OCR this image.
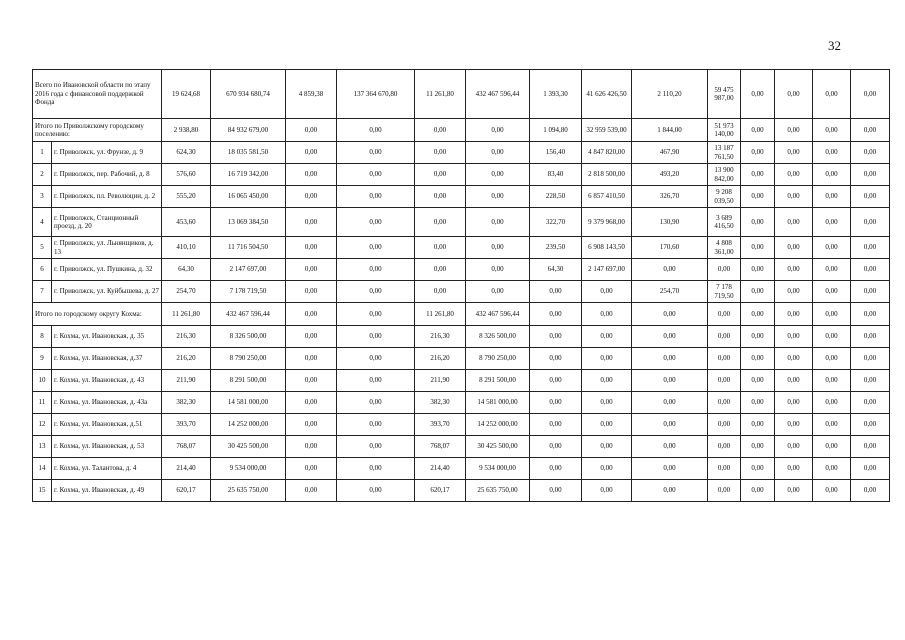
32
Всего по Ивановской области по этапу 2016 года с финансовой поддержкой Фонда		19 624,68	670 934 680,74	4 859,38	137 364 670,80	11 261,80	432 467 596,44	1 393,30	41 626 426,50	2 110,20	59 475 987,00	0,00	0,00	0,00	0,00
Итого по Приволжскому городскому поселению:		2 938,80	84 932 679,00	0,00	0,00	0,00	0,00	1 094,80	32 959 539,00	1 844,00	51 973 140,00	0,00	0,00	0,00	0,00
1	г. Приволжск, ул. Фрунзе, д. 9	624,30	18 035 581,50	0,00	0,00	0,00	0,00	156,40	4 847 820,00	467,90	13 187 761,50	0,00	0,00	0,00	0,00
2	г. Приволжск, пер. Рабочий, д. 8	576,60	16 719 342,00	0,00	0,00	0,00	0,00	83,40	2 818 500,00	493,20	13 900 842,00	0,00	0,00	0,00	0,00
3	г. Приволжск, пл. Революции, д. 2	555,20	16 065 450,00	0,00	0,00	0,00	0,00	228,50	6 857 410,50	326,70	9 208 039,50	0,00	0,00	0,00	0,00
4	г. Приволжск, Станционный проезд, д. 20	453,60	13 069 384,50	0,00	0,00	0,00	0,00	322,70	9 379 968,00	130,90	3 689 416,50	0,00	0,00	0,00	0,00
5	г. Приволжск, ул. Льнянщиков, д. 13	410,10	11 716 504,50	0,00	0,00	0,00	0,00	239,50	6 908 143,50	170,60	4 808 361,00	0,00	0,00	0,00	0,00
6	г. Приволжск, ул. Пушкина, д. 32	64,30	2 147 697,00	0,00	0,00	0,00	0,00	64,30	2 147 697,00	0,00	0,00	0,00	0,00	0,00	0,00
7	г. Приволжск, ул. Куйбышева, д. 27	254,70	7 178 719,50	0,00	0,00	0,00	0,00	0,00	0,00	254,70	7 178 719,50	0,00	0,00	0,00	0,00
Итого по городскому округу Кохма:		11 261,80	432 467 596,44	0,00	0,00	11 261,80	432 467 596,44	0,00	0,00	0,00	0,00	0,00	0,00	0,00	0,00
8	г. Кохма, ул. Ивановская, д. 35	216,30	8 326 500,00	0,00	0,00	216,30	8 326 500,00	0,00	0,00	0,00	0,00	0,00	0,00	0,00	0,00
9	г. Кохма, ул. Ивановская, д.37	216,20	8 790 250,00	0,00	0,00	216,20	8 790 250,00	0,00	0,00	0,00	0,00	0,00	0,00	0,00	0,00
10	г. Кохма, ул. Ивановская, д. 43	211,90	8 291 500,00	0,00	0,00	211,90	8 291 500,00	0,00	0,00	0,00	0,00	0,00	0,00	0,00	0,00
11	г. Кохма, ул. Ивановская, д. 43а	382,30	14 581 000,00	0,00	0,00	382,30	14 581 000,00	0,00	0,00	0,00	0,00	0,00	0,00	0,00	0,00
12	г. Кохма, ул. Ивановская, д.51	393,70	14 252 000,00	0,00	0,00	393,70	14 252 000,00	0,00	0,00	0,00	0,00	0,00	0,00	0,00	0,00
13	г. Кохма, ул. Ивановская, д. 53	768,07	30 425 500,00	0,00	0,00	768,07	30 425 500,00	0,00	0,00	0,00	0,00	0,00	0,00	0,00	0,00
14	г. Кохма, ул. Талантова, д. 4	214,40	9 534 000,00	0,00	0,00	214,40	9 534 000,00	0,00	0,00	0,00	0,00	0,00	0,00	0,00	0,00
15	г. Кохма, ул. Ивановская, д. 49	620,17	25 635 750,00	0,00	0,00	620,17	25 635 750,00	0,00	0,00	0,00	0,00	0,00	0,00	0,00	0,00
